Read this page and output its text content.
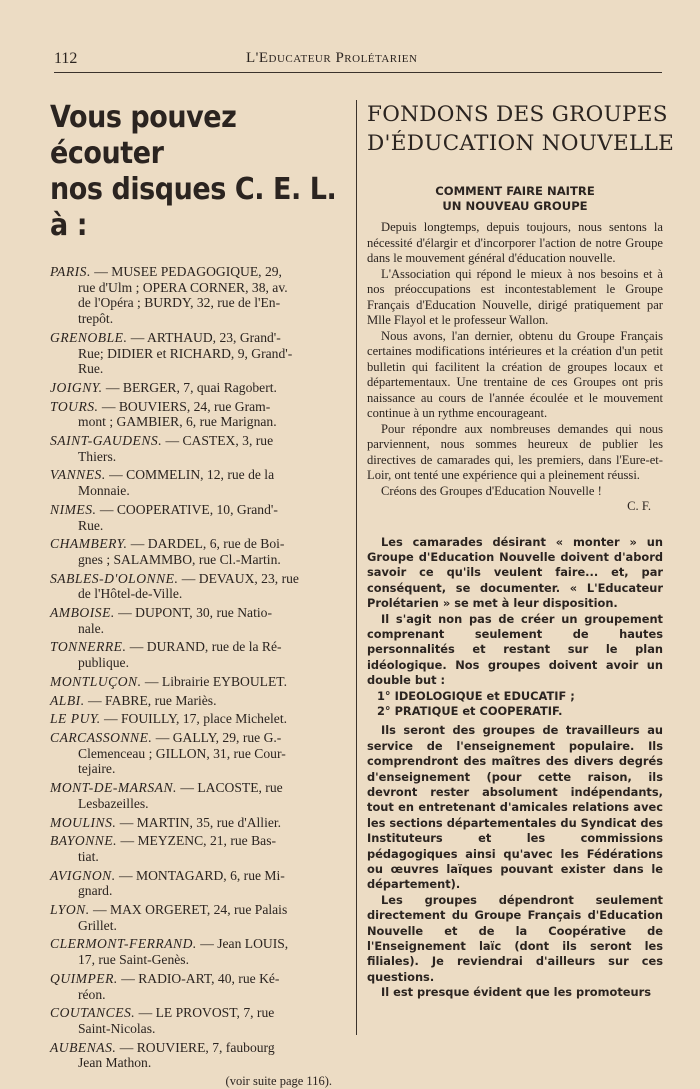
112	L'Educateur Prolétarien
Vous pouvez écouter
nos disques C. E. L. à :
PARIS. — MUSEE PEDAGOGIQUE, 29,
rue d'Ulm ; OPERA CORNER, 38, av.
de l'Opéra ; BURDY, 32, rue de l'En-
trepôt.
GRENOBLE. — ARTHAUD, 23, Grand'-
Rue; DIDIER et RICHARD, 9, Grand'-
Rue.
JOIGNY. — BERGER, 7, quai Ragobert.
TOURS. — BOUVIERS, 24, rue Gram-
mont ; GAMBIER, 6, rue Marignan.
SAINT-GAUDENS. — CASTEX, 3, rue
Thiers.
VANNES. — COMMELIN, 12, rue de la
Monnaie.
NIMES. — COOPERATIVE, 10, Grand'-
Rue.
CHAMBERY. — DARDEL, 6, rue de Boi-
gnes ; SALAMMBO, rue Cl.-Martin.
SABLES-D'OLONNE. — DEVAUX, 23, rue
de l'Hôtel-de-Ville.
AMBOISE. — DUPONT, 30, rue Natio-
nale.
TONNERRE. — DURAND, rue de la Ré-
publique.
MONTLUÇON. — Librairie EYBOULET.
ALBI. — FABRE, rue Mariès.
LE PUY. — FOUILLY, 17, place Michelet.
CARCASSONNE. — GALLY, 29, rue G.-
Clemenceau ; GILLON, 31, rue Cour-
tejaire.
MONT-DE-MARSAN. — LACOSTE, rue
Lesbazeilles.
MOULINS. — MARTIN, 35, rue d'Allier.
BAYONNE. — MEYZENC, 21, rue Bas-
tiat.
AVIGNON. — MONTAGARD, 6, rue Mi-
gnard.
LYON. — MAX ORGERET, 24, rue Palais
Grillet.
CLERMONT-FERRAND. — Jean LOUIS,
17, rue Saint-Genès.
QUIMPER. — RADIO-ART, 40, rue Ké-
réon.
COUTANCES. — LE PROVOST, 7, rue
Saint-Nicolas.
AUBENAS. — ROUVIERE, 7, faubourg
Jean Mathon.
(voir suite page 116).
FONDONS DES GROUPES
D'ÉDUCATION NOUVELLE
COMMENT FAIRE NAITRE
UN NOUVEAU GROUPE

Depuis longtemps, depuis toujours, nous sentons la nécessité d'élargir et d'incorporer l'action de notre Groupe dans le mouvement général d'éducation nouvelle.

L'Association qui répond le mieux à nos besoins et à nos préoccupations est incontestablement le Groupe Français d'Education Nouvelle, dirigé pratiquement par Mlle Flayol et le professeur Wallon.

Nous avons, l'an dernier, obtenu du Groupe Français certaines modifications intérieures et la création d'un petit bulletin qui facilitent la création de groupes locaux et départementaux. Une trentaine de ces Groupes ont pris naissance au cours de l'année écoulée et le mouvement continue à un rythme encourageant.

Pour répondre aux nombreuses demandes qui nous parviennent, nous sommes heureux de publier les directives de camarades qui, les premiers, dans l'Eure-et-Loir, ont tenté une expérience qui a pleinement réussi.

Créons des Groupes d'Education Nouvelle !

C. F.

Les camarades désirant « monter » un Groupe d'Education Nouvelle doivent d'abord savoir ce qu'ils veulent faire... et, par conséquent, se documenter. « L'Educateur Prolétarien » se met à leur disposition.

Il s'agit non pas de créer un groupement comprenant seulement de hautes personnalités et restant sur le plan idéologique. Nos groupes doivent avoir un double but :

1° IDEOLOGIQUE et EDUCATIF ;
2° PRATIQUE et COOPERATIF.

Ils seront des groupes de travailleurs au service de l'enseignement populaire. Ils comprendront des maîtres des divers degrés d'enseignement (pour cette raison, ils devront rester absolument indépendants, tout en entretenant d'amicales relations avec les sections départementales du Syndicat des Instituteurs et les commissions pédagogiques ainsi qu'avec les Fédérations ou œuvres laïques pouvant exister dans le département).

Les groupes dépendront seulement directement du Groupe Français d'Education Nouvelle et de la Coopérative de l'Enseignement laïc (dont ils seront les filiales). Je reviendrai d'ailleurs sur ces questions.

Il est presque évident que les promoteurs
